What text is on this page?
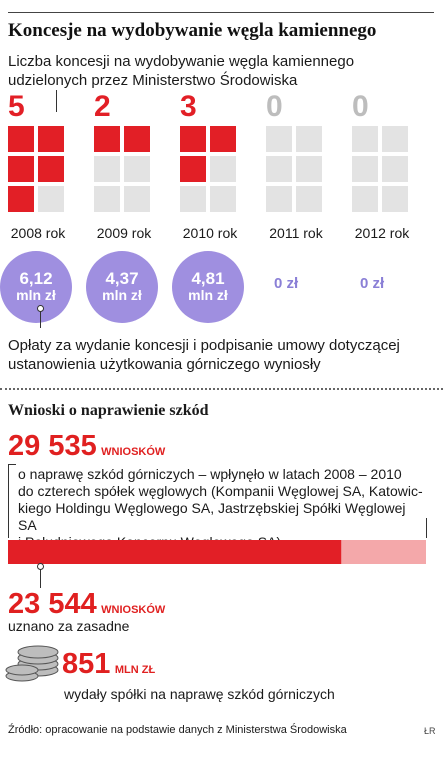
Koncesje na wydobywanie węgla kamiennego
Liczba koncesji na wydobywanie węgla kamiennego
udzielonych przez Ministerstwo Środowiska
5
2008 rok
6,12
mln zł
2
2009 rok
4,37
mln zł
3
2010 rok
4,81
mln zł
0
2011 rok
0 zł
0
2012 rok
0 zł
Opłaty za wydanie koncesji i podpisanie umowy dotyczącej
ustanowienia użytkowania górniczego wyniosły
Wnioski o naprawienie szkód
29 535 WNIOSKÓW
o naprawę szkód górniczych – wpłynęło w latach 2008 – 2010
do czterech spółek węglowych (Kompanii Węglowej SA, Katowic-
kiego Holdingu Węglowego SA, Jastrzębskiej Spółki Węglowej SA
23 544 WNIOSKÓW
uznano za zasadne
851 MLN ZŁ
wydały spółki na naprawę szkód górniczych
Źródło: opracowanie na podstawie danych z Ministerstwa Środowiska	ŁR
